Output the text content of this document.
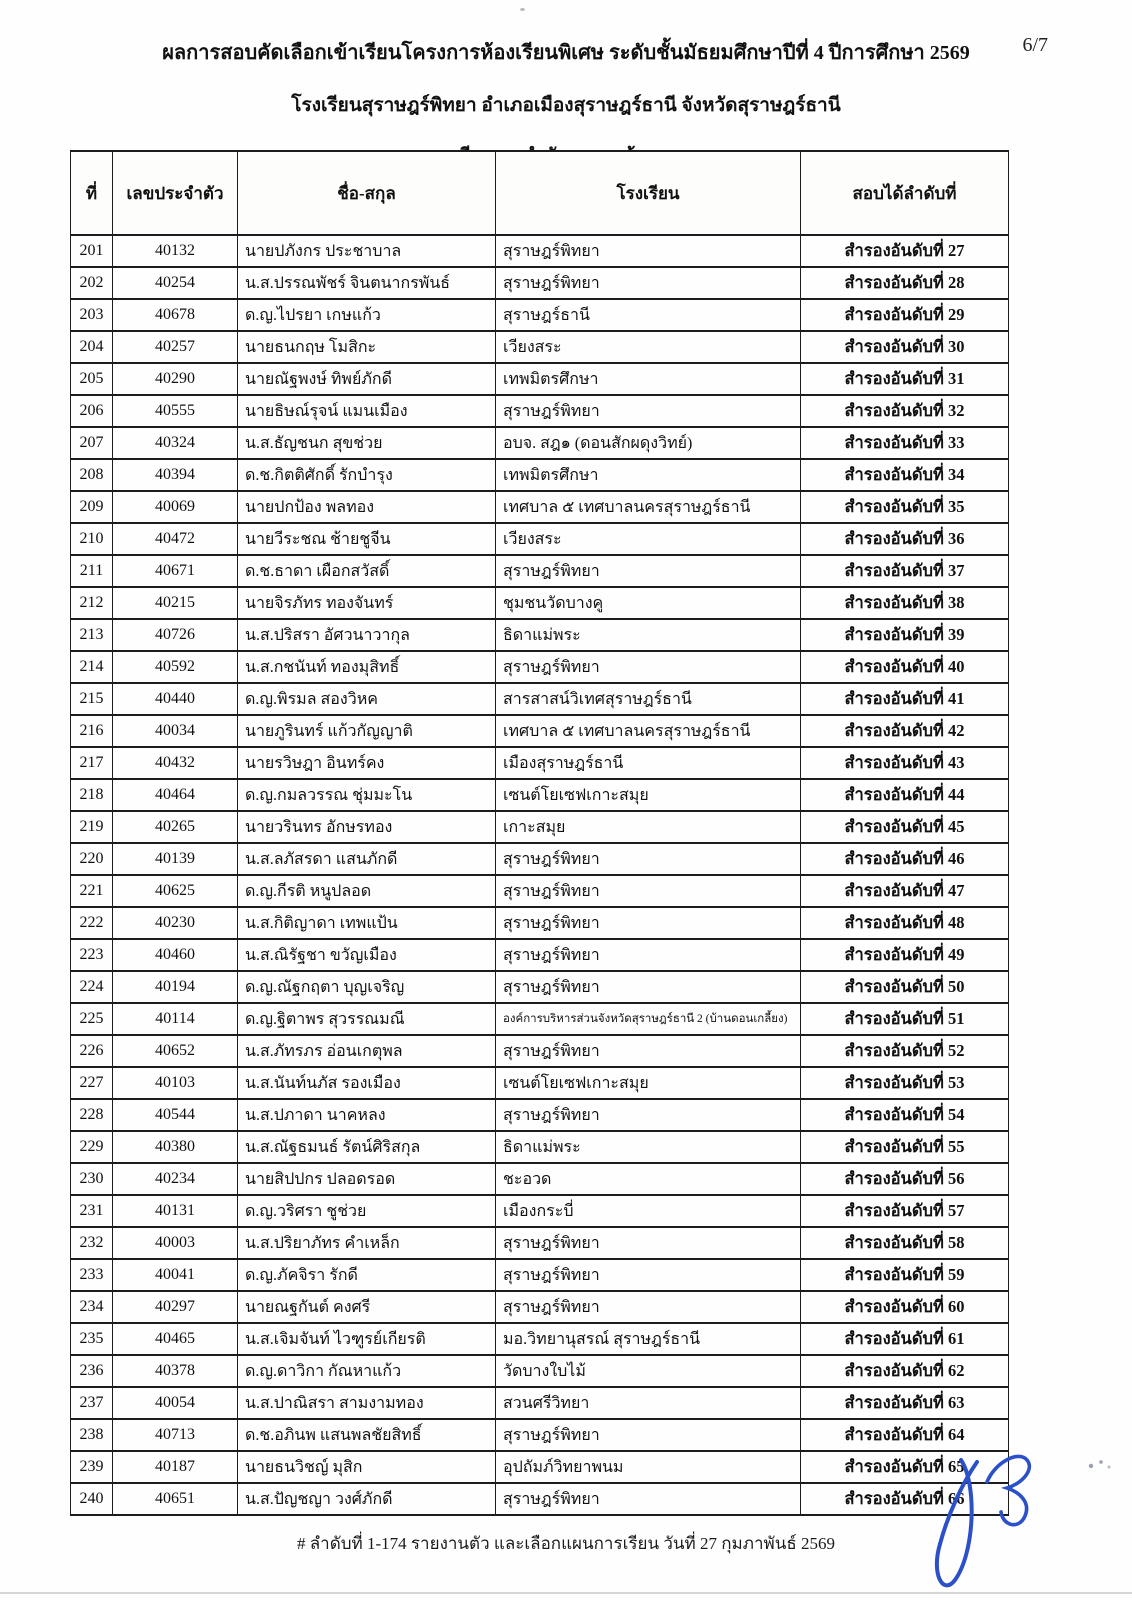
6/7
ผลการสอบคัดเลือกเข้าเรียนโครงการห้องเรียนพิเศษ ระดับชั้นมัธยมศึกษาปีที่ 4 ปีการศึกษา 2569
โรงเรียนสุราษฎร์พิทยา อำเภอเมืองสุราษฎร์ธานี จังหวัดสุราษฎร์ธานี
ที่	เลขประจำตัว	ชื่อ-สกุล	โรงเรียน	สอบได้ลำดับที่
201	40132	นายปภังกร ประชาบาล	สุราษฎร์พิทยา	สำรองอันดับที่ 27
202	40254	น.ส.ปรรณพัชร์ จินตนากรพันธ์	สุราษฎร์พิทยา	สำรองอันดับที่ 28
203	40678	ด.ญ.ไปรยา เกษแก้ว	สุราษฎร์ธานี	สำรองอันดับที่ 29
204	40257	นายธนกฤษ โมสิกะ	เวียงสระ	สำรองอันดับที่ 30
205	40290	นายณัฐพงษ์ ทิพย์ภักดี	เทพมิตรศึกษา	สำรองอันดับที่ 31
206	40555	นายธิษณ์รุจน์ แมนเมือง	สุราษฎร์พิทยา	สำรองอันดับที่ 32
207	40324	น.ส.ธัญชนก สุขช่วย	อบจ. สฎ๑ (ดอนสักผดุงวิทย์)	สำรองอันดับที่ 33
208	40394	ด.ช.กิตติศักดิ์ รักบำรุง	เทพมิตรศึกษา	สำรองอันดับที่ 34
209	40069	นายปกป้อง พลทอง	เทศบาล ๕ เทศบาลนครสุราษฎร์ธานี	สำรองอันดับที่ 35
210	40472	นายวีระชณ ช้ายชูจีน	เวียงสระ	สำรองอันดับที่ 36
211	40671	ด.ช.ธาดา เผือกสวัสดิ์	สุราษฎร์พิทยา	สำรองอันดับที่ 37
212	40215	นายจิรภัทร ทองจันทร์	ชุมชนวัดบางคู	สำรองอันดับที่ 38
213	40726	น.ส.ปริสรา อัศวนาวากุล	ธิดาแม่พระ	สำรองอันดับที่ 39
214	40592	น.ส.กชนันท์ ทองมุสิทธิ์	สุราษฎร์พิทยา	สำรองอันดับที่ 40
215	40440	ด.ญ.พิรมล สองวิหค	สารสาสน์วิเทศสุราษฎร์ธานี	สำรองอันดับที่ 41
216	40034	นายภูรินทร์ แก้วกัญญาติ	เทศบาล ๕ เทศบาลนครสุราษฎร์ธานี	สำรองอันดับที่ 42
217	40432	นายรวิษฎา อินทร์คง	เมืองสุราษฎร์ธานี	สำรองอันดับที่ 43
218	40464	ด.ญ.กมลวรรณ ชุ่มมะโน	เซนต์โยเซฟเกาะสมุย	สำรองอันดับที่ 44
219	40265	นายวรินทร อักษรทอง	เกาะสมุย	สำรองอันดับที่ 45
220	40139	น.ส.ลภัสรดา แสนภักดี	สุราษฎร์พิทยา	สำรองอันดับที่ 46
221	40625	ด.ญ.กีรติ หนูปลอด	สุราษฎร์พิทยา	สำรองอันดับที่ 47
222	40230	น.ส.กิติญาดา เทพแป้น	สุราษฎร์พิทยา	สำรองอันดับที่ 48
223	40460	น.ส.ณิรัฐชา ขวัญเมือง	สุราษฎร์พิทยา	สำรองอันดับที่ 49
224	40194	ด.ญ.ณัฐกฤตา บุญเจริญ	สุราษฎร์พิทยา	สำรองอันดับที่ 50
225	40114	ด.ญ.ฐิตาพร สุวรรณมณี	องค์การบริหารส่วนจังหวัดสุราษฎร์ธานี 2 (บ้านดอนเกลี้ยง)	สำรองอันดับที่ 51
226	40652	น.ส.ภัทรภร อ่อนเกตุพล	สุราษฎร์พิทยา	สำรองอันดับที่ 52
227	40103	น.ส.นันท์นภัส รองเมือง	เซนต์โยเซฟเกาะสมุย	สำรองอันดับที่ 53
228	40544	น.ส.ปภาดา นาคหลง	สุราษฎร์พิทยา	สำรองอันดับที่ 54
229	40380	น.ส.ณัฐธมนธ์ รัตน์ศิริสกุล	ธิดาแม่พระ	สำรองอันดับที่ 55
230	40234	นายสิปปกร ปลอดรอด	ชะอวด	สำรองอันดับที่ 56
231	40131	ด.ญ.วริศรา ชูช่วย	เมืองกระบี่	สำรองอันดับที่ 57
232	40003	น.ส.ปริยาภัทร คำเหล็ก	สุราษฎร์พิทยา	สำรองอันดับที่ 58
233	40041	ด.ญ.ภัคจิรา รักดี	สุราษฎร์พิทยา	สำรองอันดับที่ 59
234	40297	นายณฐกันต์ คงศรี	สุราษฎร์พิทยา	สำรองอันดับที่ 60
235	40465	น.ส.เจิมจันท์ ไวฑูรย์เกียรติ	มอ.วิทยานุสรณ์ สุราษฎร์ธานี	สำรองอันดับที่ 61
236	40378	ด.ญ.ดาวิกา กัณหาแก้ว	วัดบางใบไม้	สำรองอันดับที่ 62
237	40054	น.ส.ปาณิสรา สามงามทอง	สวนศรีวิทยา	สำรองอันดับที่ 63
238	40713	ด.ช.อภินพ แสนพลชัยสิทธิ์	สุราษฎร์พิทยา	สำรองอันดับที่ 64
239	40187	นายธนวิชญ์ มุสิก	อุปถัมภ์วิทยาพนม	สำรองอันดับที่ 65
240	40651	น.ส.ปัญชญา วงศ์ภักดี	สุราษฎร์พิทยา	สำรองอันดับที่ 66
# ลำดับที่ 1-174 รายงานตัว และเลือกแผนการเรียน วันที่ 27 กุมภาพันธ์ 2569
